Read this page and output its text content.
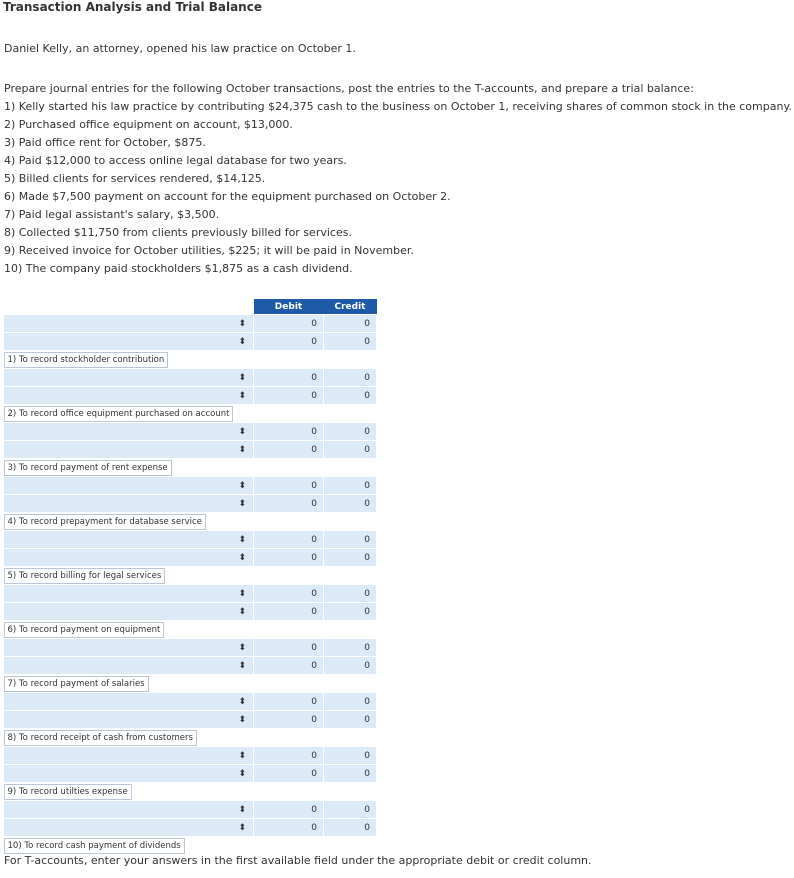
Transaction Analysis and Trial Balance
Daniel Kelly, an attorney, opened his law practice on October 1.
Prepare journal entries for the following October transactions, post the entries to the T-accounts, and prepare a trial balance:
1) Kelly started his law practice by contributing $24,375 cash to the business on October 1, receiving shares of common stock in the company.
2) Purchased office equipment on account, $13,000.
3) Paid office rent for October, $875.
4) Paid $12,000 to access online legal database for two years.
5) Billed clients for services rendered, $14,125.
6) Made $7,500 payment on account for the equipment purchased on October 2.
7) Paid legal assistant's salary, $3,500.
8) Collected $11,750 from clients previously billed for services.
9) Received invoice for October utilities, $225; it will be paid in November.
10) The company paid stockholders $1,875 as a cash dividend.
	Debit	Credit
⬍	0	0
⬍	0	0

1) To record stockholder contribution		

⬍	0	0
⬍	0	0

2) To record office equipment purchased on account		

⬍	0	0
⬍	0	0

3) To record payment of rent expense		

⬍	0	0
⬍	0	0

4) To record prepayment for database service		

⬍	0	0
⬍	0	0

5) To record billing for legal services		

⬍	0	0
⬍	0	0

6) To record payment on equipment		

⬍	0	0
⬍	0	0

7) To record payment of salaries		

⬍	0	0
⬍	0	0

8) To record receipt of cash from customers		

⬍	0	0
⬍	0	0

9) To record utilties expense		

⬍	0	0
⬍	0	0

10) To record cash payment of dividends		
For T-accounts, enter your answers in the first available field under the appropriate debit or credit column.
